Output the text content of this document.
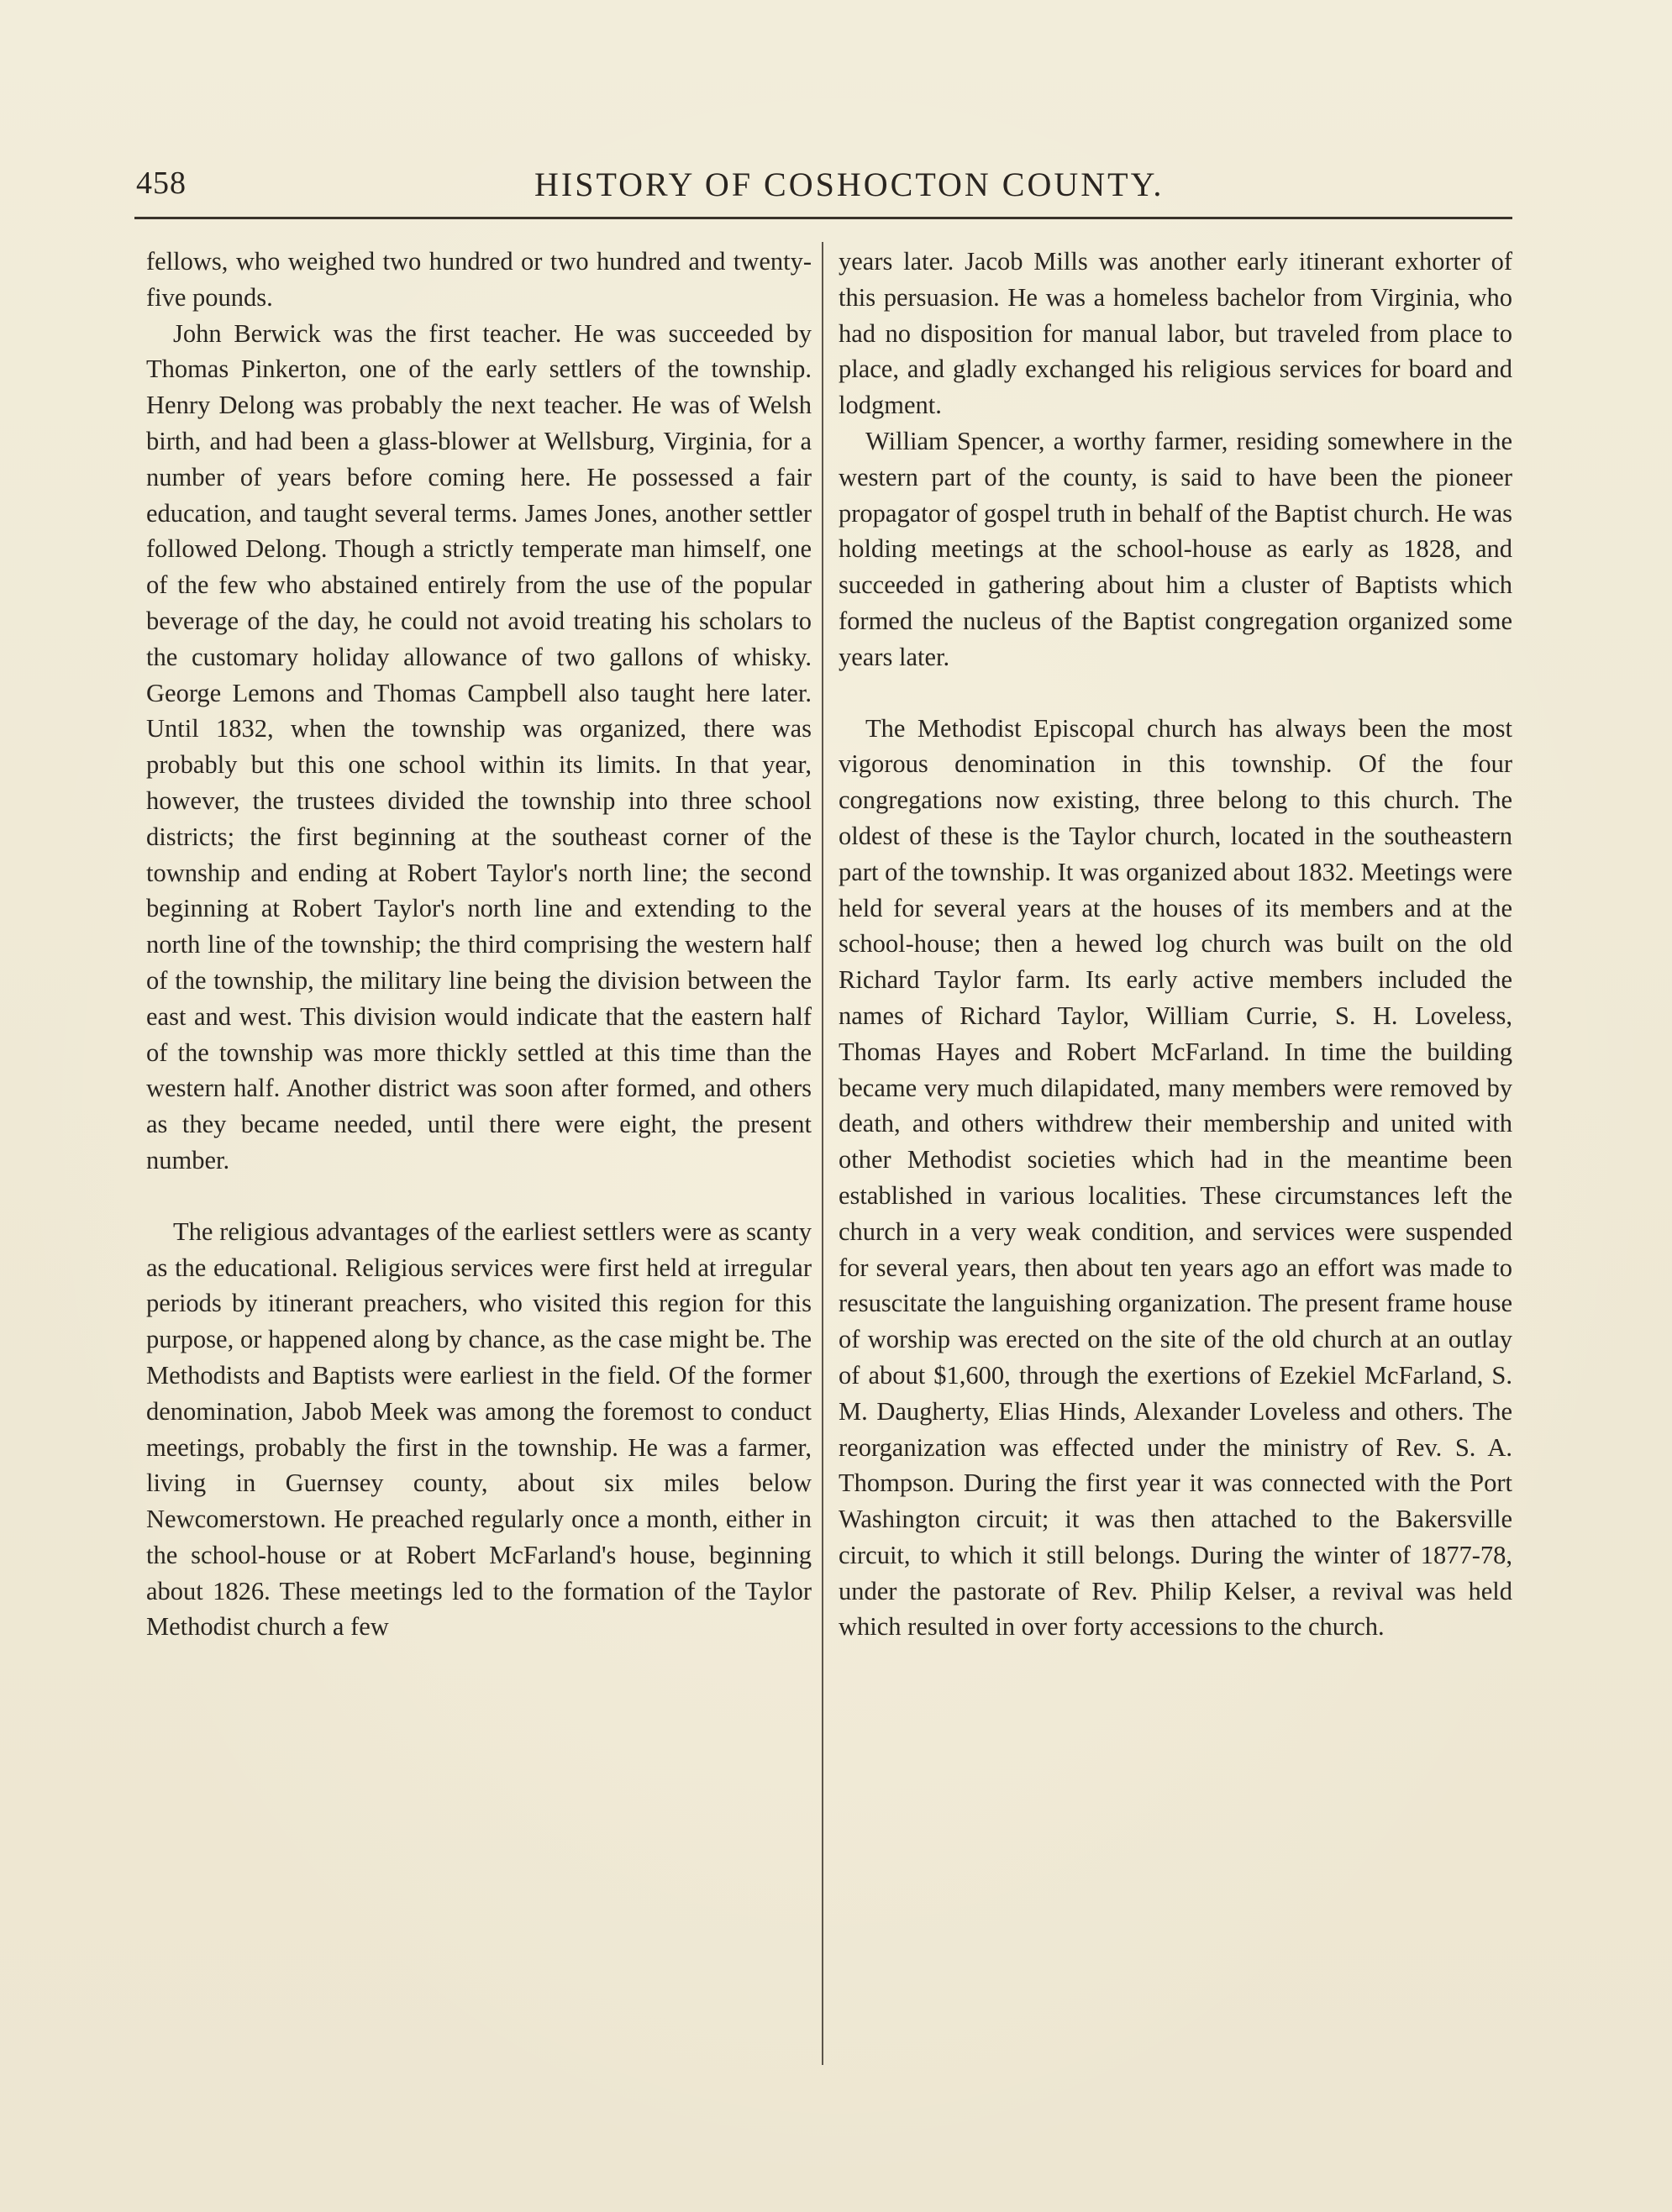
458	HISTORY OF COSHOCTON COUNTY.

fellows, who weighed two hundred or two hundred and twenty-five pounds.

John Berwick was the first teacher. He was succeeded by Thomas Pinkerton, one of the early settlers of the township. Henry Delong was probably the next teacher. He was of Welsh birth, and had been a glass-blower at Wellsburg, Virginia, for a number of years before coming here. He possessed a fair education, and taught several terms. James Jones, another settler followed Delong. Though a strictly temperate man himself, one of the few who abstained entirely from the use of the popular beverage of the day, he could not avoid treating his scholars to the customary holiday allowance of two gallons of whisky. George Lemons and Thomas Campbell also taught here later. Until 1832, when the township was organized, there was probably but this one school within its limits. In that year, however, the trustees divided the township into three school districts; the first beginning at the southeast corner of the township and ending at Robert Taylor's north line; the second beginning at Robert Taylor's north line and extending to the north line of the township; the third comprising the western half of the township, the military line being the division between the east and west. This division would indicate that the eastern half of the township was more thickly settled at this time than the western half. Another district was soon after formed, and others as they became needed, until there were eight, the present number.

The religious advantages of the earliest settlers were as scanty as the educational. Religious services were first held at irregular periods by itinerant preachers, who visited this region for this purpose, or happened along by chance, as the case might be. The Methodists and Baptists were earliest in the field. Of the former denomination, Jabob Meek was among the foremost to conduct meetings, probably the first in the township. He was a farmer, living in Guernsey county, about six miles below Newcomerstown. He preached regularly once a month, either in the school-house or at Robert McFarland's house, beginning about 1826. These meetings led to the formation of the Taylor Methodist church a few

years later. Jacob Mills was another early itinerant exhorter of this persuasion. He was a homeless bachelor from Virginia, who had no disposition for manual labor, but traveled from place to place, and gladly exchanged his religious services for board and lodgment.

William Spencer, a worthy farmer, residing somewhere in the western part of the county, is said to have been the pioneer propagator of gospel truth in behalf of the Baptist church. He was holding meetings at the school-house as early as 1828, and succeeded in gathering about him a cluster of Baptists which formed the nucleus of the Baptist congregation organized some years later.

The Methodist Episcopal church has always been the most vigorous denomination in this township. Of the four congregations now existing, three belong to this church. The oldest of these is the Taylor church, located in the southeastern part of the township. It was organized about 1832. Meetings were held for several years at the houses of its members and at the school-house; then a hewed log church was built on the old Richard Taylor farm. Its early active members included the names of Richard Taylor, William Currie, S. H. Loveless, Thomas Hayes and Robert McFarland. In time the building became very much dilapidated, many members were removed by death, and others withdrew their membership and united with other Methodist societies which had in the meantime been established in various localities. These circumstances left the church in a very weak condition, and services were suspended for several years, then about ten years ago an effort was made to resuscitate the languishing organization. The present frame house of worship was erected on the site of the old church at an outlay of about $1,600, through the exertions of Ezekiel McFarland, S. M. Daugherty, Elias Hinds, Alexander Loveless and others. The reorganization was effected under the ministry of Rev. S. A. Thompson. During the first year it was connected with the Port Washington circuit; it was then attached to the Bakersville circuit, to which it still belongs. During the winter of 1877-78, under the pastorate of Rev. Philip Kelser, a revival was held which resulted in over forty accessions to the church.
